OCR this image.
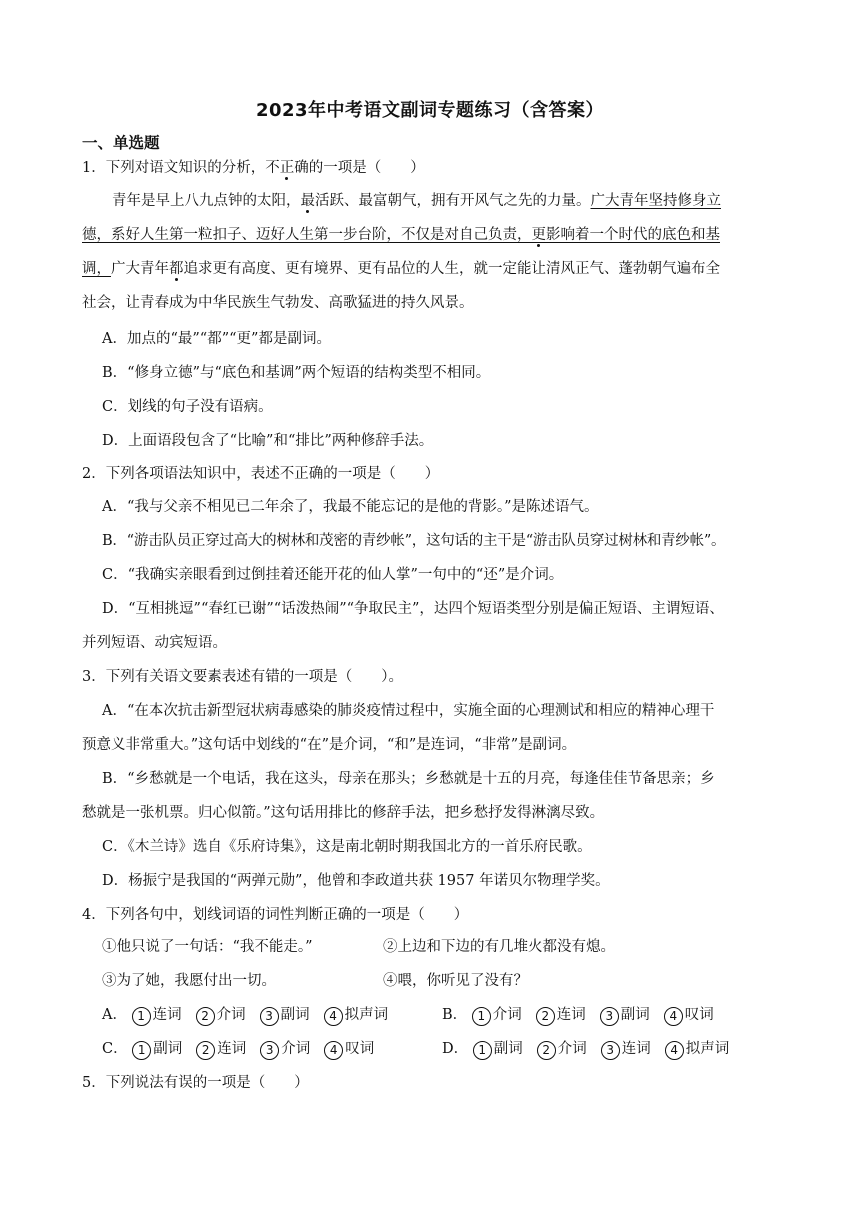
2023年中考语文副词专题练习（含答案）
一、单选题
1．下列对语文知识的分析，不正确的一项是（　　）
青年是早上八九点钟的太阳，最活跃、最富朝气，拥有开风气之先的力量。广大青年坚持修身立
德，系好人生第一粒扣子、迈好人生第一步台阶，不仅是对自己负责，更影响着一个时代的底色和基
调，广大青年都追求更有高度、更有境界、更有品位的人生，就一定能让清风正气、蓬勃朝气遍布全
社会，让青春成为中华民族生气勃发、高歌猛进的持久风景。
A．加点的“最”“都”“更”都是副词。
B．“修身立德”与“底色和基调”两个短语的结构类型不相同。
C．划线的句子没有语病。
D．上面语段包含了“比喻”和“排比”两种修辞手法。
2．下列各项语法知识中，表述不正确的一项是（　　）
A．“我与父亲不相见已二年余了，我最不能忘记的是他的背影。”是陈述语气。
B．“游击队员正穿过高大的树林和茂密的青纱帐”，这句话的主干是“游击队员穿过树林和青纱帐”。
C．“我确实亲眼看到过倒挂着还能开花的仙人掌”一句中的“还”是介词。
D．“互相挑逗”“春红已谢”“话泼热闹”“争取民主”，达四个短语类型分别是偏正短语、主谓短语、
并列短语、动宾短语。
3．下列有关语文要素表述有错的一项是（　　）。
A．“在本次抗击新型冠状病毒感染的肺炎疫情过程中，实施全面的心理测试和相应的精神心理干
预意义非常重大。”这句话中划线的“在”是介词，“和”是连词，“非常”是副词。
B．“乡愁就是一个电话，我在这头，母亲在那头；乡愁就是十五的月亮，每逢佳佳节备思亲；乡
愁就是一张机票。归心似箭。”这句话用排比的修辞手法，把乡愁抒发得淋漓尽致。
C．《木兰诗》选自《乐府诗集》，这是南北朝时期我国北方的一首乐府民歌。
D．杨振宁是我国的“两弹元勋”，他曾和李政道共获 1957 年诺贝尔物理学奖。
4．下列各句中，划线词语的词性判断正确的一项是（　　）
①他只说了一句话：“我不能走。”	②上边和下边的有几堆火都没有熄。
③为了她，我愿付出一切。	④喂，你听见了没有？
A． 1 连词 2 介词 3 副词 4 拟声词	B． 1 介词 2 连词 3 副词 4 叹词
C． 1 副词 2 连词 3 介词 4 叹词	D． 1 副词 2 介词 3 连词 4 拟声词
5．下列说法有误的一项是（　　）
